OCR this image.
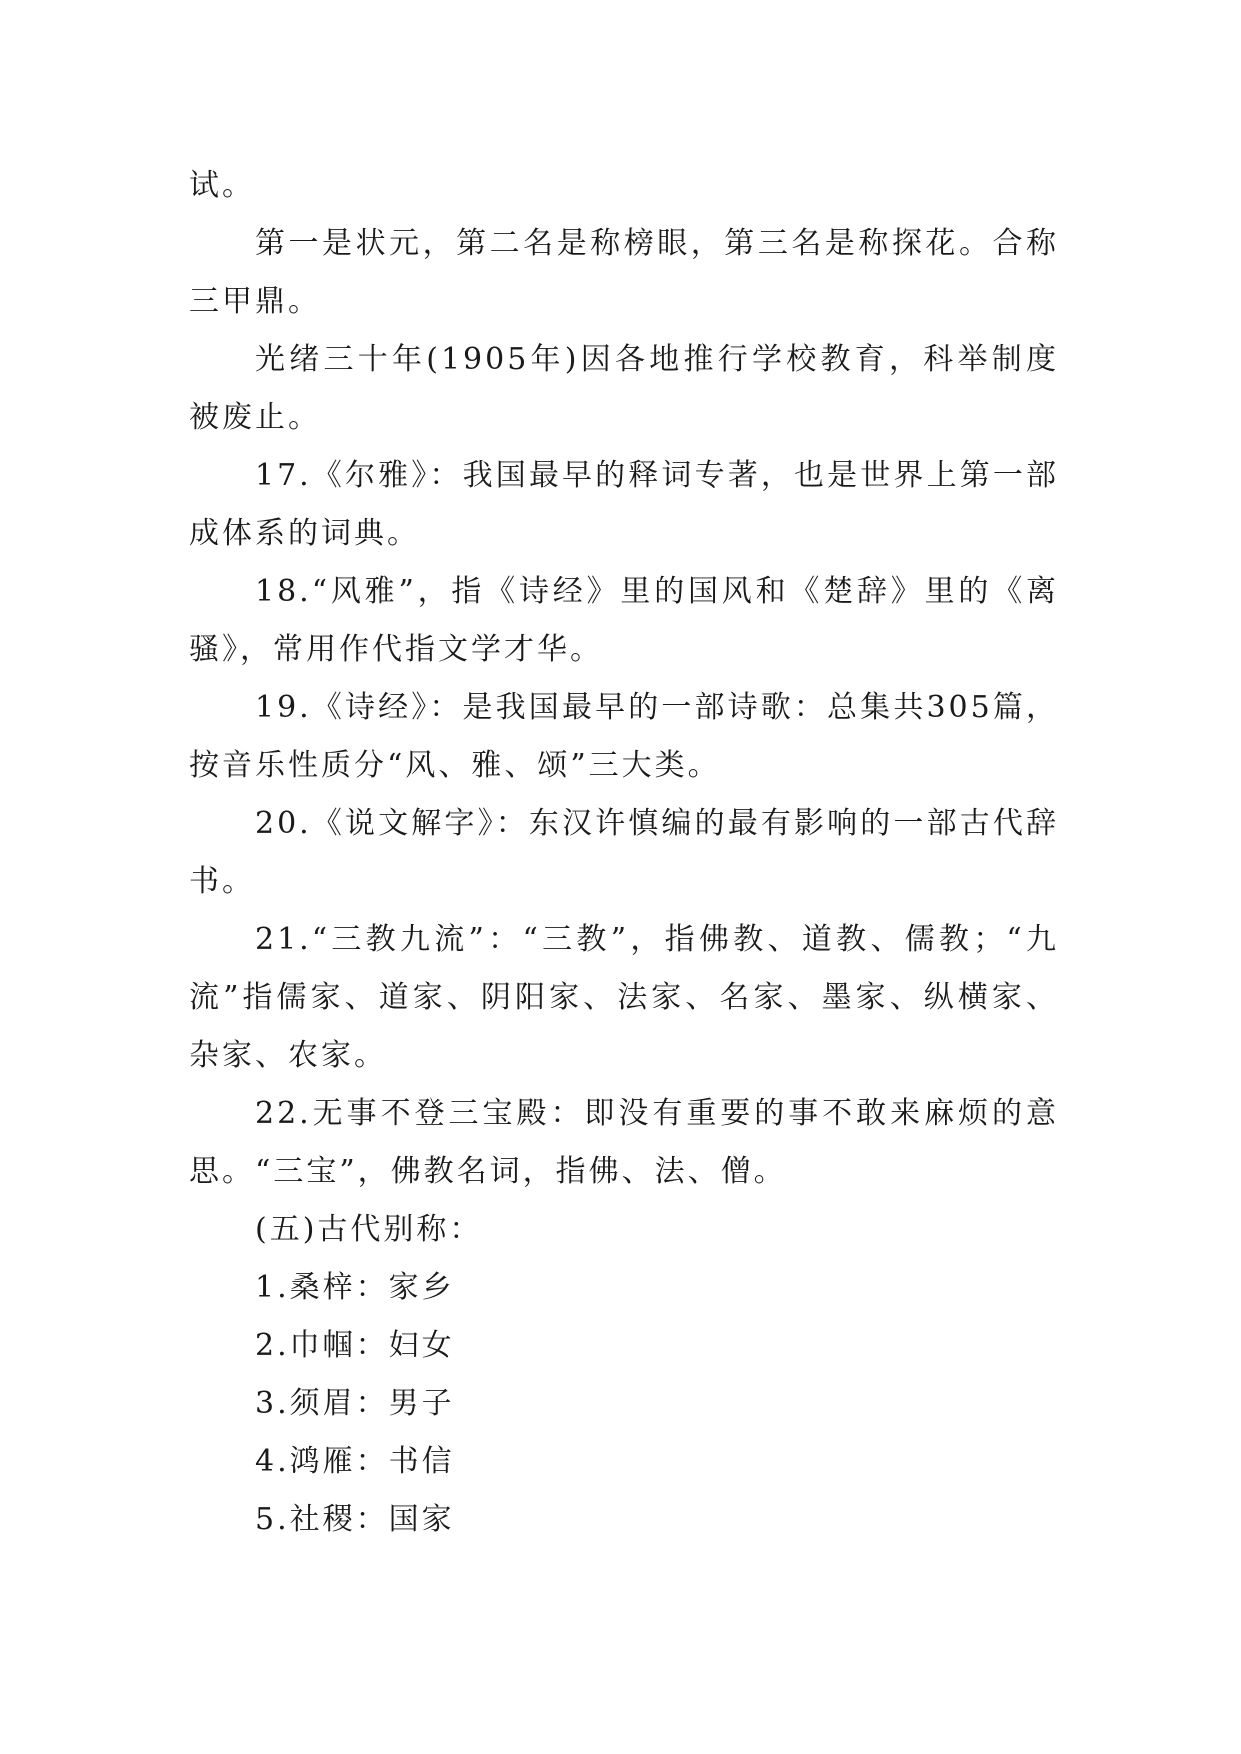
试。

第一是状元，第二名是称榜眼，第三名是称探花。合称三甲鼎。

光绪三十年(1905年)因各地推行学校教育，科举制度被废止。

17.《尔雅》：我国最早的释词专著，也是世界上第一部成体系的词典。

18.“风雅”，指《诗经》里的国风和《楚辞》里的《离骚》，常用作代指文学才华。

19.《诗经》：是我国最早的一部诗歌：总集共305篇，按音乐性质分“风、雅、颂”三大类。

20.《说文解字》：东汉许慎编的最有影响的一部古代辞书。

21.“三教九流”：“三教”，指佛教、道教、儒教；“九流”指儒家、道家、阴阳家、法家、名家、墨家、纵横家、杂家、农家。

22.无事不登三宝殿：即没有重要的事不敢来麻烦的意思。“三宝”，佛教名词，指佛、法、僧。

(五)古代别称：

1.桑梓：家乡

2.巾帼：妇女

3.须眉：男子

4.鸿雁：书信

5.社稷：国家
